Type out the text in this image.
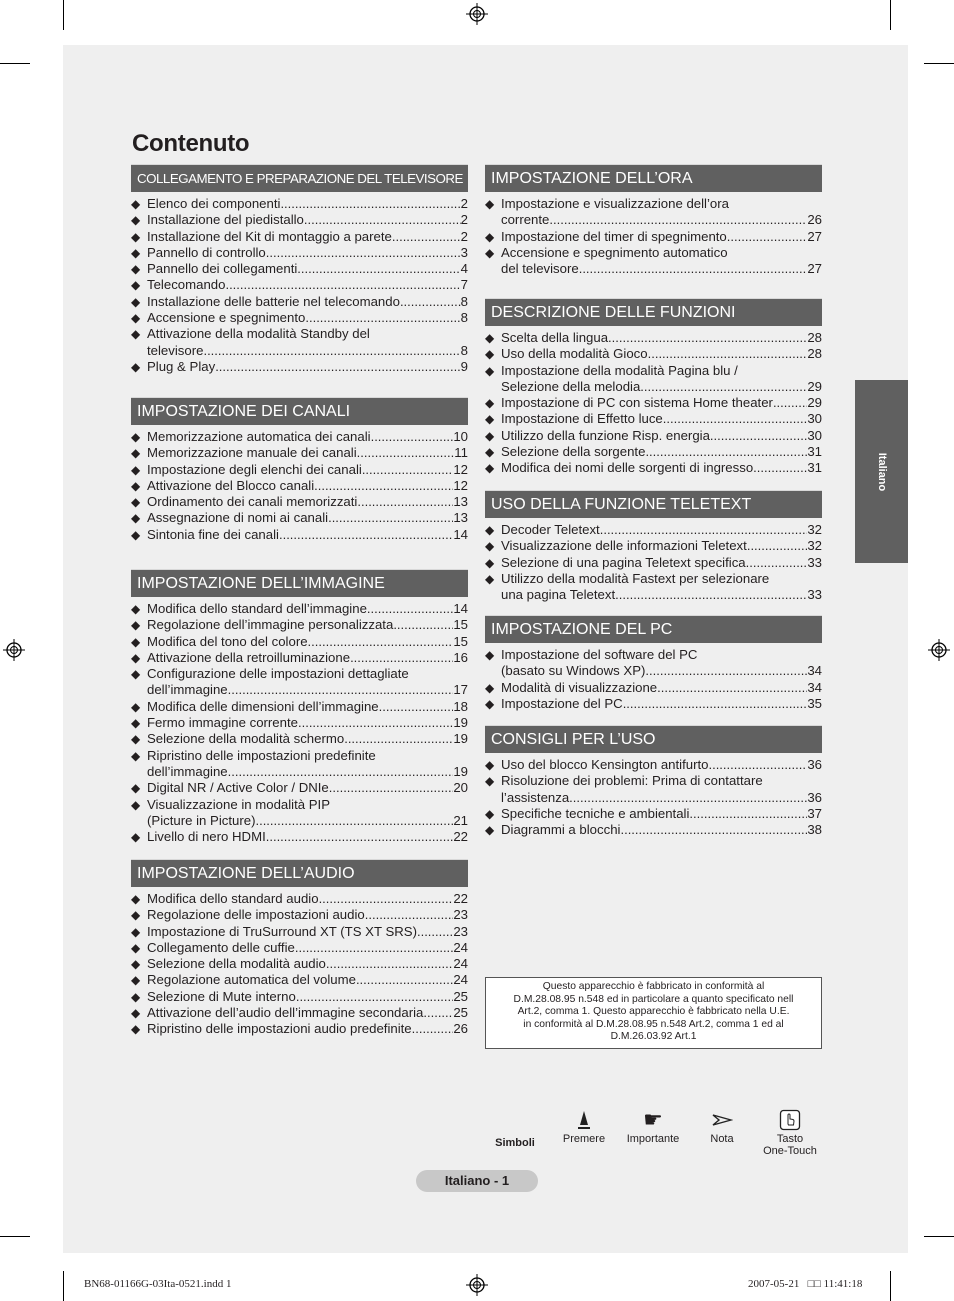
Contenuto
Italiano
COLLEGAMENTO E PREPARAZIONE DEL TELEVISORE
◆ Elenco dei componenti .....	2
◆ Installazione del piedistallo .....	2
◆ Installazione del Kit di montaggio a parete .....	2
◆ Pannello di controllo .....	3
◆ Pannello dei collegamenti .....	4
◆ Telecomando .....	7
◆ Installazione delle batterie nel telecomando .....	8
◆ Accensione e spegnimento .....	8
◆ Attivazione della modalità Standby del
televisore .....	8
◆ Plug & Play .....	9
IMPOSTAZIONE DEI CANALI
◆ Memorizzazione automatica dei canali .....	10
◆ Memorizzazione manuale dei canali .....	11
◆ Impostazione degli elenchi dei canali .....	12
◆ Attivazione del Blocco canali .....	12
◆ Ordinamento dei canali memorizzati .....	13
◆ Assegnazione di nomi ai canali .....	13
◆ Sintonia fine dei canali .....	14
IMPOSTAZIONE DELL’IMMAGINE
◆ Modifica dello standard dell’immagine .....	14
◆ Regolazione dell’immagine personalizzata .....	15
◆ Modifica del tono del colore .....	15
◆ Attivazione della retroilluminazione .....	16
◆ Configurazione delle impostazioni dettagliate
dell’immagine .....	17
◆ Modifica delle dimensioni dell’immagine .....	18
◆ Fermo immagine corrente .....	19
◆ Selezione della modalità schermo .....	19
◆ Ripristino delle impostazioni predefinite
dell’immagine .....	19
◆ Digital NR / Active Color / DNIe .....	20
◆ Visualizzazione in modalità PIP
(Picture in Picture) .....	21
◆ Livello di nero HDMI .....	22
IMPOSTAZIONE DELL’AUDIO
◆ Modifica dello standard audio .....	22
◆ Regolazione delle impostazioni audio .....	23
◆ Impostazione di TruSurround XT (TS XT SRS) .....	23
◆ Collegamento delle cuffie .....	24
◆ Selezione della modalità audio .....	24
◆ Regolazione automatica del volume .....	24
◆ Selezione di Mute interno .....	25
◆ Attivazione dell’audio dell’immagine secondaria ..... 25
◆ Ripristino delle impostazioni audio predefinite .....	26
IMPOSTAZIONE DELL’ORA
◆ Impostazione e visualizzazione dell’ora
corrente .....	26
◆ Impostazione del timer di spegnimento .....	27
◆ Accensione e spegnimento automatico
del televisore .....	27
DESCRIZIONE DELLE FUNZIONI
◆ Scelta della lingua .....	28
◆ Uso della modalità Gioco .....	28
◆ Impostazione della modalità Pagina blu /
Selezione della melodia .....	29
◆ Impostazione di PC con sistema Home theater .....	29
◆ Impostazione di Effetto luce .....	30
◆ Utilizzo della funzione Risp. energia .....	30
◆ Selezione della sorgente .....	31
◆ Modifica dei nomi delle sorgenti di ingresso .....	31
USO DELLA FUNZIONE TELETEXT
◆ Decoder Teletext .....	32
◆ Visualizzazione delle informazioni Teletext .....	32
◆ Selezione di una pagina Teletext specifica .....	33
◆ Utilizzo della modalità Fastext per selezionare
una pagina Teletext .....	33
IMPOSTAZIONE DEL PC
◆ Impostazione del software del PC
(basato su Windows XP) .....	34
◆ Modalità di visualizzazione .....	34
◆ Impostazione del PC .....	35
CONSIGLI PER L’USO
◆ Uso del blocco Kensington antifurto .....	36
◆ Risoluzione dei problemi: Prima di contattare
l’assistenza .....	36
◆ Specifiche tecniche e ambientali .....	37
◆ Diagrammi a blocchi .....	38
Questo apparecchio è fabbricato in conformità al
D.M.28.08.95 n.548 ed in particolare a quanto specificato nell
Art.2, comma 1. Questo apparecchio è fabbricato nella U.E.
in conformità al D.M.28.08.95 n.548 Art.2, comma 1 ed al
D.M.26.03.92 Art.1
Simboli	Premere
☛
Importante	Nota	Tasto
One-Touch
Italiano - 1
BN68-01166G-03Ita-0521.indd 1	2007-05-21   □□ 11:41:18
